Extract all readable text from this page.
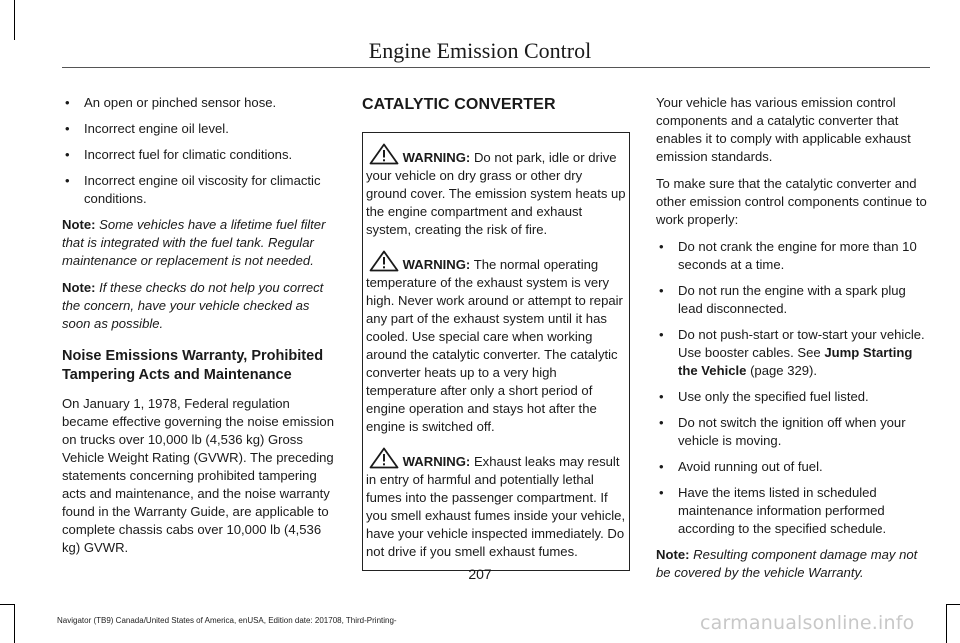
Engine Emission Control
• An open or pinched sensor hose.
• Incorrect engine oil level.
• Incorrect fuel for climatic conditions.
• Incorrect engine oil viscosity for climactic conditions.

Note: Some vehicles have a lifetime fuel filter that is integrated with the fuel tank. Regular maintenance or replacement is not needed.

Note: If these checks do not help you correct the concern, have your vehicle checked as soon as possible.

Noise Emissions Warranty, Prohibited Tampering Acts and Maintenance

On January 1, 1978, Federal regulation became effective governing the noise emission on trucks over 10,000 lb (4,536 kg) Gross Vehicle Weight Rating (GVWR). The preceding statements concerning prohibited tampering acts and maintenance, and the noise warranty found in the Warranty Guide, are applicable to complete chassis cabs over 10,000 lb (4,536 kg) GVWR.

CATALYTIC CONVERTER

WARNING: Do not park, idle or drive your vehicle on dry grass or other dry ground cover. The emission system heats up the engine compartment and exhaust system, creating the risk of fire.

WARNING: The normal operating temperature of the exhaust system is very high. Never work around or attempt to repair any part of the exhaust system until it has cooled. Use special care when working around the catalytic converter. The catalytic converter heats up to a very high temperature after only a short period of engine operation and stays hot after the engine is switched off.

WARNING: Exhaust leaks may result in entry of harmful and potentially lethal fumes into the passenger compartment. If you smell exhaust fumes inside your vehicle, have your vehicle inspected immediately. Do not drive if you smell exhaust fumes.

Your vehicle has various emission control components and a catalytic converter that enables it to comply with applicable exhaust emission standards.

To make sure that the catalytic converter and other emission control components continue to work properly:

• Do not crank the engine for more than 10 seconds at a time.
• Do not run the engine with a spark plug lead disconnected.
• Do not push-start or tow-start your vehicle. Use booster cables. See Jump Starting the Vehicle (page 329).
• Use only the specified fuel listed.
• Do not switch the ignition off when your vehicle is moving.
• Avoid running out of fuel.
• Have the items listed in scheduled maintenance information performed according to the specified schedule.

Note: Resulting component damage may not be covered by the vehicle Warranty.

207
Navigator (TB9) Canada/United States of America, enUSA, Edition date: 201708, Third-Printing-	carmanualsonline.info
